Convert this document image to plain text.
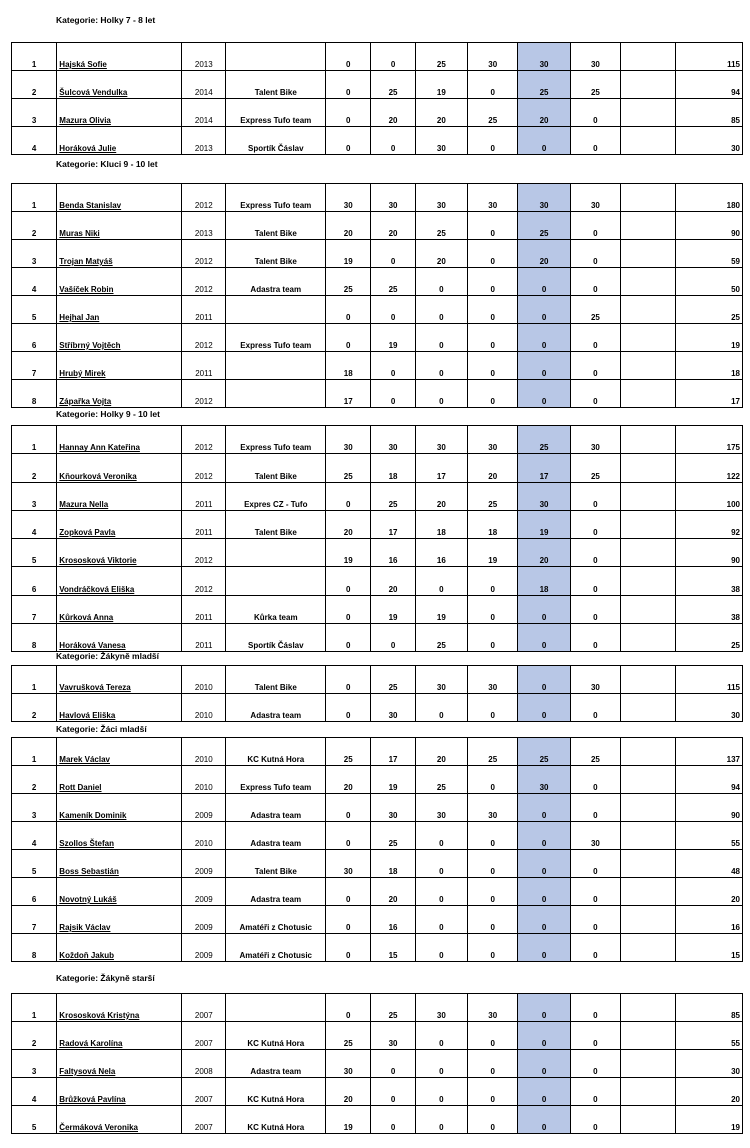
Kategorie: Holky 7 - 8 let
1	Hajská Sofie	2013		0	0	25	30	30	30		115
2	Šulcová Vendulka	2014	Talent Bike	0	25	19	0	25	25		94
3	Mazura Olivia	2014	Express Tufo team	0	20	20	25	20	0		85
4	Horáková Julie	2013	Sportík Čáslav	0	0	30	0	0	0		30
Kategorie: Kluci 9 - 10 let
1	Benda Stanislav	2012	Express Tufo team	30	30	30	30	30	30		180
2	Muras Niki	2013	Talent Bike	20	20	25	0	25	0		90
3	Trojan Matyáš	2012	Talent Bike	19	0	20	0	20	0		59
4	Vašíček Robin	2012	Adastra team	25	25	0	0	0	0		50
5	Hejhal Jan	2011		0	0	0	0	0	25		25
6	Stříbrný Vojtěch	2012	Express Tufo team	0	19	0	0	0	0		19
7	Hrubý Mirek	2011		18	0	0	0	0	0		18
8	Zápařka Vojta	2012		17	0	0	0	0	0		17
Kategorie: Holky 9 - 10 let
1	Hannay Ann Kateřina	2012	Express Tufo team	30	30	30	30	25	30		175
2	Kňourková Veronika	2012	Talent Bike	25	18	17	20	17	25		122
3	Mazura Nella	2011	Expres CZ - Tufo	0	25	20	25	30	0		100
4	Zopková Pavla	2011	Talent Bike	20	17	18	18	19	0		92
5	Krososková Viktorie	2012		19	16	16	19	20	0		90
6	Vondráčková Eliška	2012		0	20	0	0	18	0		38
7	Kůrková Anna	2011	Kůrka team	0	19	19	0	0	0		38
8	Horáková Vanesa	2011	Sportík Čáslav	0	0	25	0	0	0		25
Kategorie: Žákyně mladší
1	Vavrušková Tereza	2010	Talent Bike	0	25	30	30	0	30		115
2	Havlová Eliška	2010	Adastra team	0	30	0	0	0	0		30
Kategorie: Žáci mladší
1	Marek Václav	2010	KC Kutná Hora	25	17	20	25	25	25		137
2	Rott Daniel	2010	Express Tufo team	20	19	25	0	30	0		94
3	Kameník Dominik	2009	Adastra team	0	30	30	30	0	0		90
4	Szollos Štefan	2010	Adastra team	0	25	0	0	0	30		55
5	Boss Sebastián	2009	Talent Bike	30	18	0	0	0	0		48
6	Novotný Lukáš	2009	Adastra team	0	20	0	0	0	0		20
7	Rajsik Václav	2009	Amatéři z Chotusic	0	16	0	0	0	0		16
8	Koždoň Jakub	2009	Amatéři z Chotusic	0	15	0	0	0	0		15
Kategorie: Žákyně starší
1	Krososková Kristýna	2007		0	25	30	30	0	0		85
2	Radová Karolína	2007	KC Kutná Hora	25	30	0	0	0	0		55
3	Faltysová Nela	2008	Adastra team	30	0	0	0	0	0		30
4	Brůžková Pavlína	2007	KC Kutná Hora	20	0	0	0	0	0		20
5	Čermáková Veronika	2007	KC Kutná Hora	19	0	0	0	0	0		19
